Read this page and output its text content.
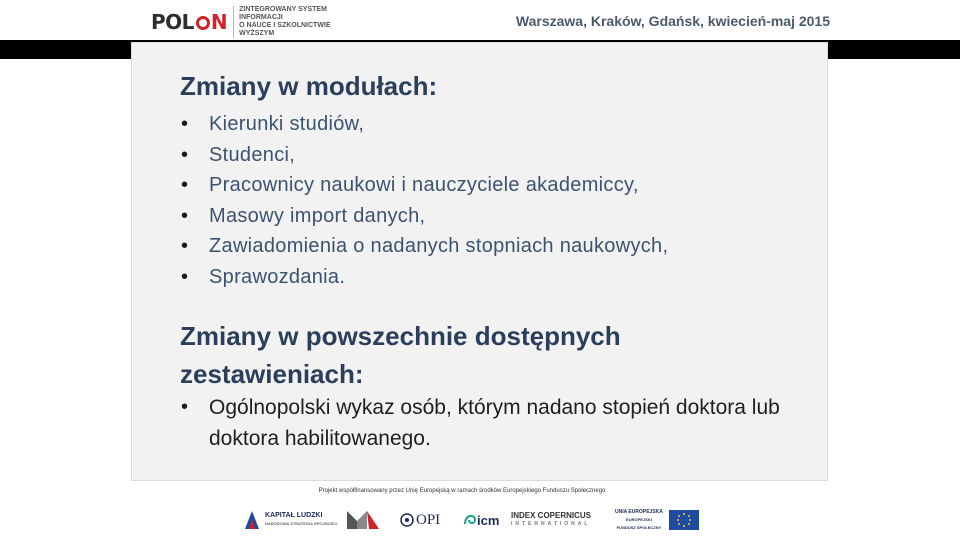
POL N
ZINTEGROWANY SYSTEM INFORMACJI
O NAUCE I SZKOLNICTWIE WYŻSZYM
Warszawa, Kraków, Gdańsk, kwiecień-maj 2015
Zmiany w modułach:
• Kierunki studiów,
• Studenci,
• Pracownicy naukowi i nauczyciele akademiccy,
• Masowy import danych,
• Zawiadomienia o nadanych stopniach naukowych,
• Sprawozdania.
Zmiany w powszechnie dostępnych zestawieniach:
• Ogólnopolski wykaz osób, którym nadano stopień doktora lub doktora habilitowanego.
Projekt współfinansowany przez Unię Europejską w ramach środków Europejskiego Funduszu Społecznego
KAPITAŁ LUDZKI
NARODOWA STRATEGIA SPÓJNOŚCI	OPI	icm INDEX COPERNICUS
INTERNATIONAL
UNIA EUROPEJSKA
EUROPEJSKI
FUNDUSZ SPOŁECZNY
